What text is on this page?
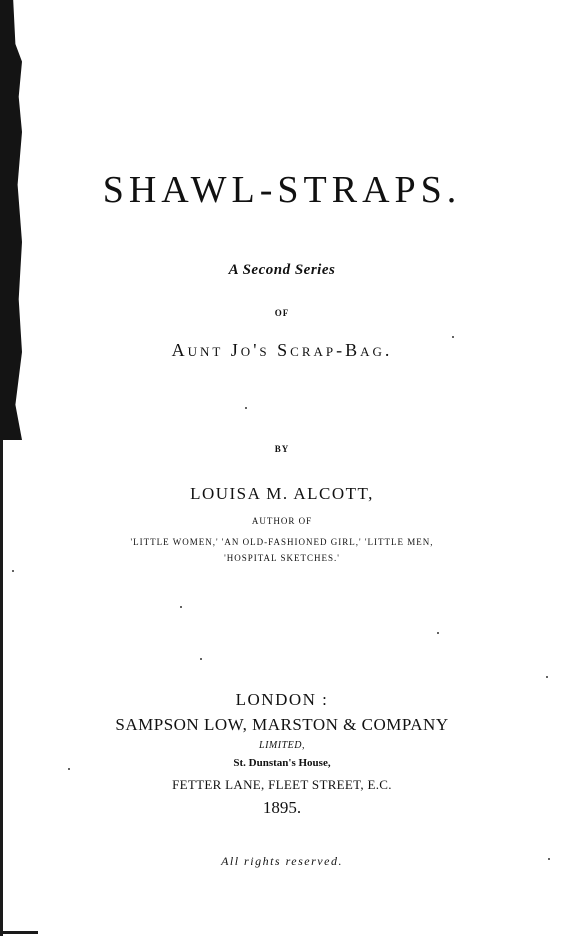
SHAWL-STRAPS.
A Second Series
OF
Aunt Jo's Scrap-Bag.
BY
LOUISA M. ALCOTT,
AUTHOR OF
'LITTLE WOMEN,' 'AN OLD-FASHIONED GIRL,' 'LITTLE MEN,
'HOSPITAL SKETCHES.'
LONDON :
SAMPSON LOW, MARSTON & COMPANY
LIMITED,
St. Dunstan's House,
FETTER LANE, FLEET STREET, E.C.
1895.
All rights reserved.
